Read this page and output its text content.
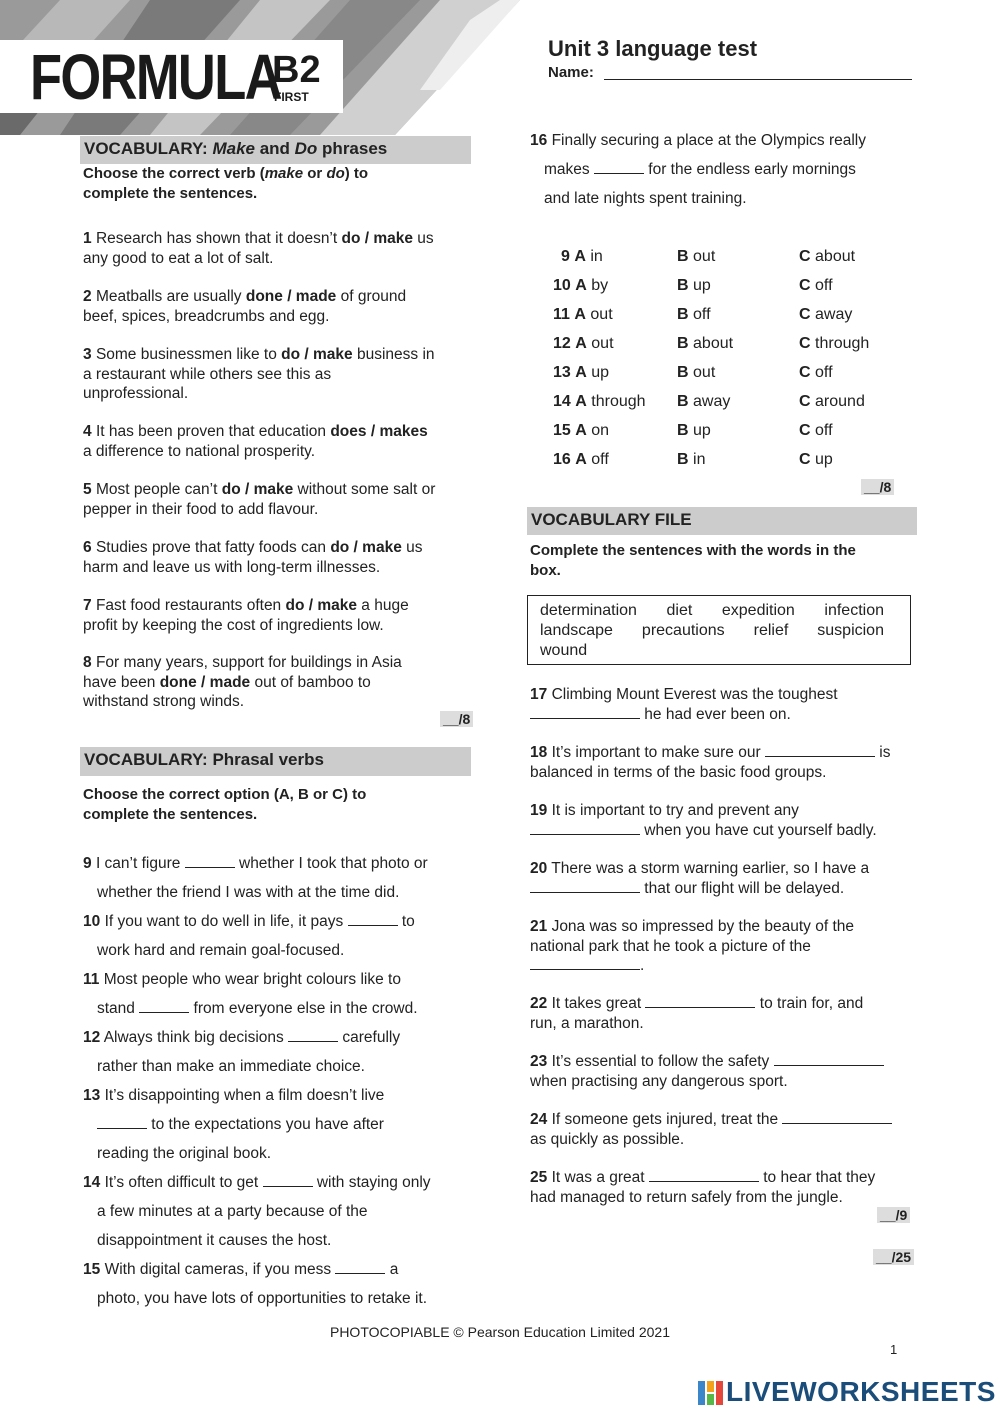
FORMULA
B2
FIRST
Unit 3 language test
Name:
VOCABULARY: Make and Do phrases
Choose the correct verb (make or do) to
complete the sentences.
1 Research has shown that it doesn’t do / make us
any good to eat a lot of salt.
2 Meatballs are usually done / made of ground
beef, spices, breadcrumbs and egg.
3 Some businessmen like to do / make business in
a restaurant while others see this as
unprofessional.
4 It has been proven that education does / makes
a difference to national prosperity.
5 Most people can’t do / make without some salt or
pepper in their food to add flavour.
6 Studies prove that fatty foods can do / make us
harm and leave us with long-term illnesses.
7 Fast food restaurants often do / make a huge
profit by keeping the cost of ingredients low.
8 For many years, support for buildings in Asia
have been done / made out of bamboo to
withstand strong winds.
__/8
VOCABULARY: Phrasal verbs
Choose the correct option (A, B or C) to
complete the sentences.
9 I can’t figure	whether I took that photo or
whether the friend I was with at the time did.
10 If you want to do well in life, it pays	to
work hard and remain goal-focused.
11 Most people who wear bright colours like to
stand	from everyone else in the crowd.
12 Always think big decisions	carefully
rather than make an immediate choice.
13 It’s disappointing when a film doesn’t live
to the expectations you have after
reading the original book.
14 It’s often difficult to get	with staying only
a few minutes at a party because of the
disappointment it causes the host.
15 With digital cameras, if you mess	a
photo, you have lots of opportunities to retake it.
16 Finally securing a place at the Olympics really
makes	for the endless early mornings
and late nights spent training.
9 A in	B out	C about
10 A by	B up	C off
11 A out	B off	C away
12 A out	B about	C through
13 A up	B out	C off
14 A through	B away	C around
15 A on	B up	C off
16 A off	B in	C up
__/8
VOCABULARY FILE
Complete the sentences with the words in the
box.
determination diet expedition infection
landscape precautions relief suspicion
wound
17 Climbing Mount Everest was the toughest
he had ever been on.
18 It’s important to make sure our	is
balanced in terms of the basic food groups.
19 It is important to try and prevent any
when you have cut yourself badly.
20 There was a storm warning earlier, so I have a
that our flight will be delayed.
21 Jona was so impressed by the beauty of the
national park that he took a picture of the
.
22 It takes great	to train for, and
run, a marathon.
23 It’s essential to follow the safety
when practising any dangerous sport.
24 If someone gets injured, treat the
as quickly as possible.
25 It was a great	to hear that they
had managed to return safely from the jungle.
__/9
__/25
PHOTOCOPIABLE © Pearson Education Limited 2021
1
LIVEWORKSHEETS
